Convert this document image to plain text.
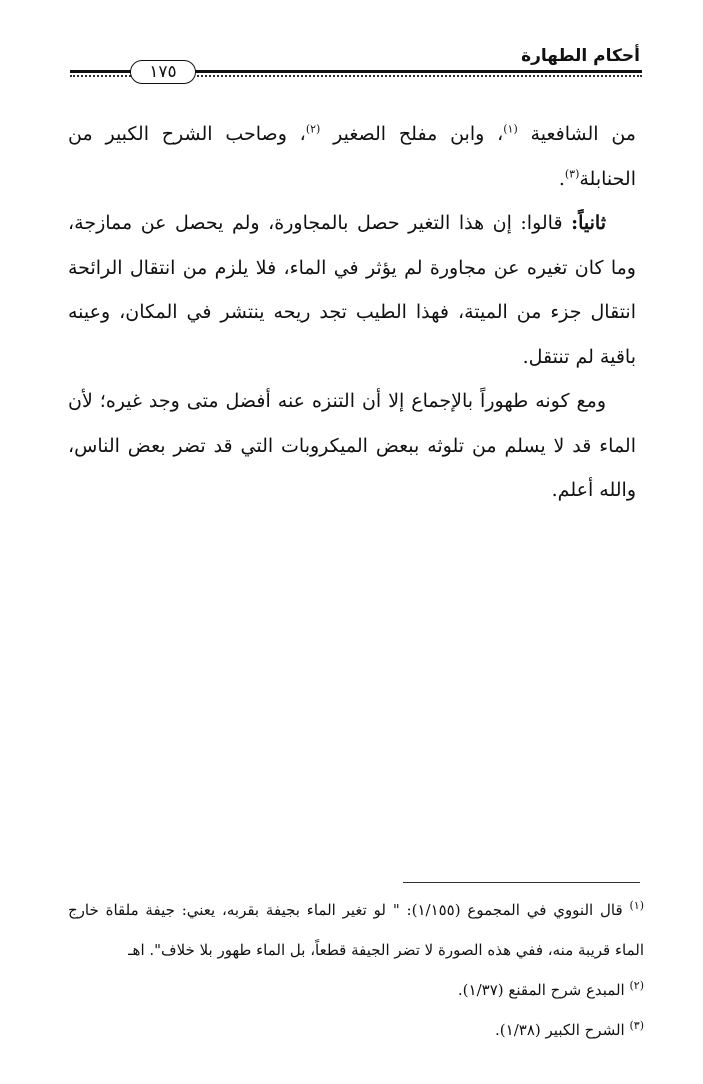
أحكام الطهارة
١٧٥

من الشافعية $^{(١)}$، وابن مفلح الصغير $^{(٢)}$، وصاحب الشرح الكبير من الحنابلة$^{(٣)}$.

ثانياً: قالوا: إن هذا التغير حصل بالمجاورة، ولم يحصل عن ممازجة، وما كان تغيره عن مجاورة لم يؤثر في الماء، فلا يلزم من انتقال الرائحة انتقال جزء من الميتة، فهذا الطيب تجد ريحه ينتشر في المكان، وعينه باقية لم تنتقل.

ومع كونه طهوراً بالإجماع إلا أن التنزه عنه أفضل متى وجد غيره؛ لأن الماء قد لا يسلم من تلوثه ببعض الميكروبات التي قد تضر بعض الناس، والله أعلم.

$^{(١)}$ قال النووي في المجموع (١/١٥٥): " لو تغير الماء بجيفة بقربه، يعني: جيفة ملقاة خارج الماء قريبة منه، ففي هذه الصورة لا تضر الجيفة قطعاً، بل الماء طهور بلا خلاف". اهـ

$^{(٢)}$ المبدع شرح المقنع (١/٣٧).

$^{(٣)}$ الشرح الكبير (١/٣٨).
